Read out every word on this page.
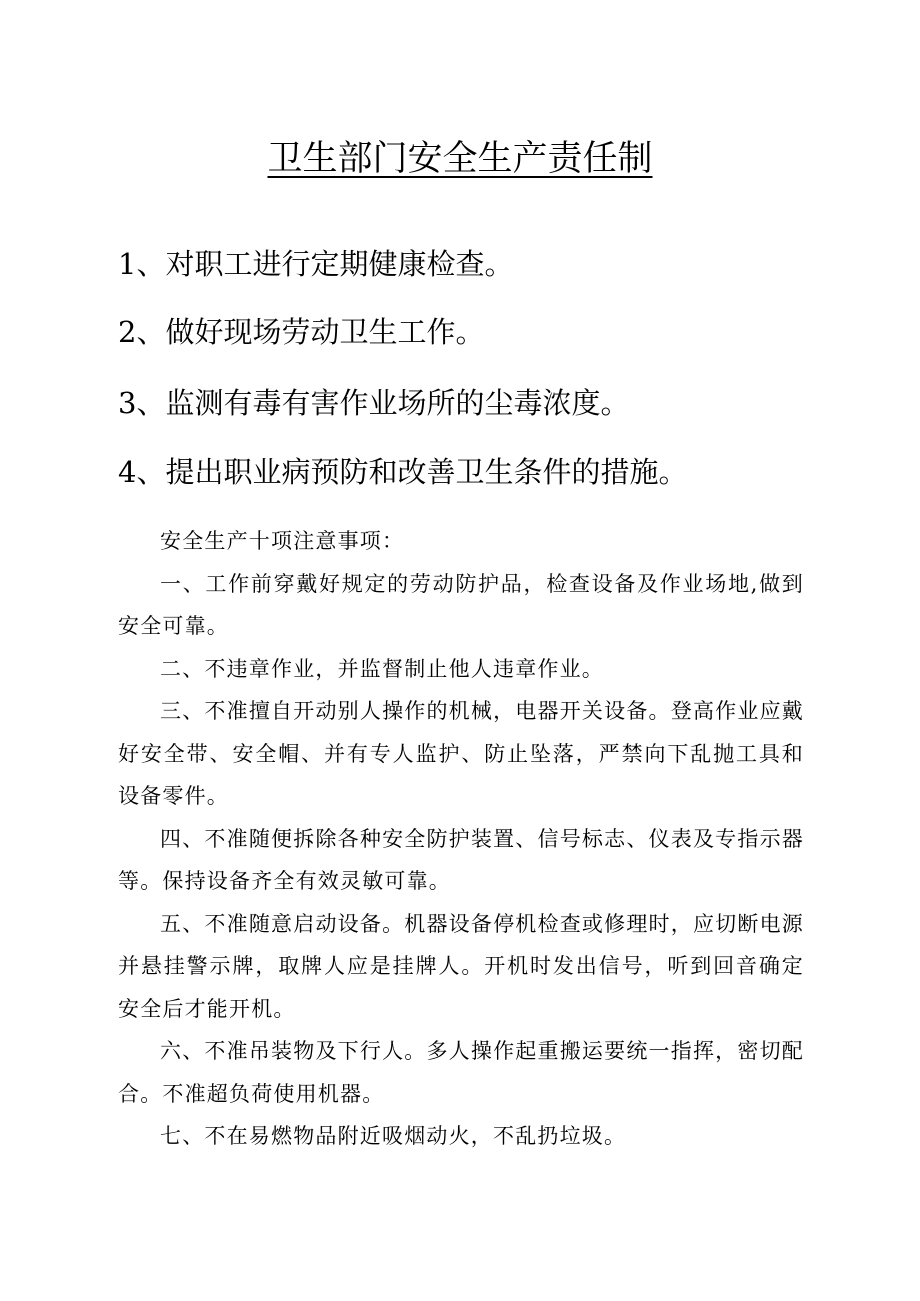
卫生部门安全生产责任制
1、对职工进行定期健康检查。
2、做好现场劳动卫生工作。
3、监测有毒有害作业场所的尘毒浓度。
4、提出职业病预防和改善卫生条件的措施。

安全生产十项注意事项：

一、工作前穿戴好规定的劳动防护品，检查设备及作业场地,做到安全可靠。

二、不违章作业，并监督制止他人违章作业。

三、不准擅自开动别人操作的机械，电器开关设备。登高作业应戴好安全带、安全帽、并有专人监护、防止坠落，严禁向下乱抛工具和设备零件。

四、不准随便拆除各种安全防护装置、信号标志、仪表及专指示器等。保持设备齐全有效灵敏可靠。

五、不准随意启动设备。机器设备停机检查或修理时，应切断电源并悬挂警示牌，取牌人应是挂牌人。开机时发出信号，听到回音确定安全后才能开机。

六、不准吊装物及下行人。多人操作起重搬运要统一指挥，密切配合。不准超负荷使用机器。

七、不在易燃物品附近吸烟动火，不乱扔垃圾。
